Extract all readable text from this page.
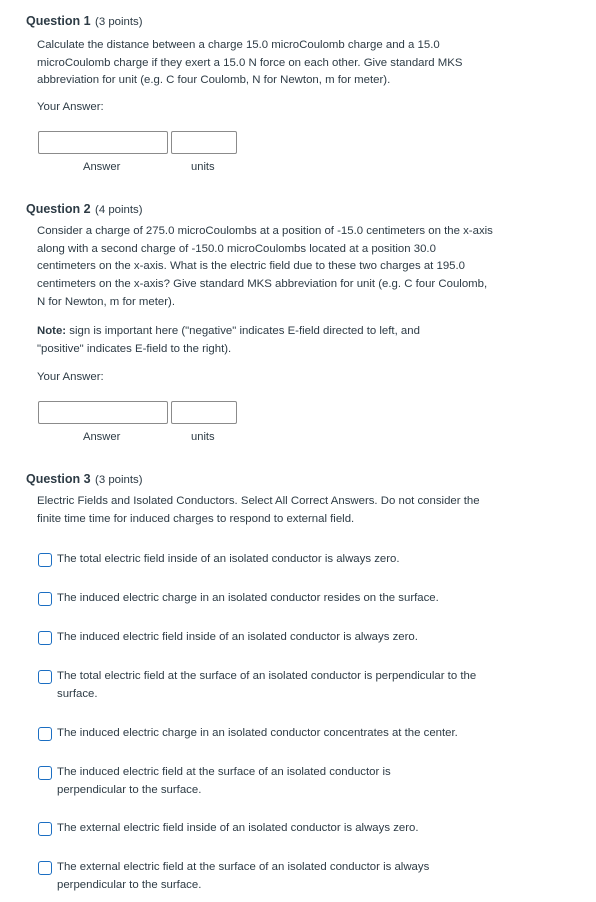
Question 1 (3 points)
Calculate the distance between a charge 15.0 microCoulomb charge and a 15.0 microCoulomb charge if they exert a 15.0 N force on each other. Give standard MKS abbreviation for unit (e.g. C four Coulomb, N for Newton, m for meter).
Your Answer:
Answer	units
Question 2 (4 points)
Consider a charge of 275.0 microCoulombs at a position of -15.0 centimeters on the x-axis along with a second charge of -150.0 microCoulombs located at a position 30.0 centimeters on the x-axis. What is the electric field due to these two charges at 195.0 centimeters on the x-axis? Give standard MKS abbreviation for unit (e.g. C four Coulomb, N for Newton, m for meter).
Note: sign is important here ("negative" indicates E-field directed to left, and "positive" indicates E-field to the right).
Your Answer:
Answer	units
Question 3 (3 points)
Electric Fields and Isolated Conductors. Select All Correct Answers. Do not consider the finite time time for induced charges to respond to external field.
The total electric field inside of an isolated conductor is always zero.
The induced electric charge in an isolated conductor resides on the surface.
The induced electric field inside of an isolated conductor is always zero.
The total electric field at the surface of an isolated conductor is perpendicular to the surface.
The induced electric charge in an isolated conductor concentrates at the center.
The induced electric field at the surface of an isolated conductor is perpendicular to the surface.
The external electric field inside of an isolated conductor is always zero.
The external electric field at the surface of an isolated conductor is always perpendicular to the surface.
